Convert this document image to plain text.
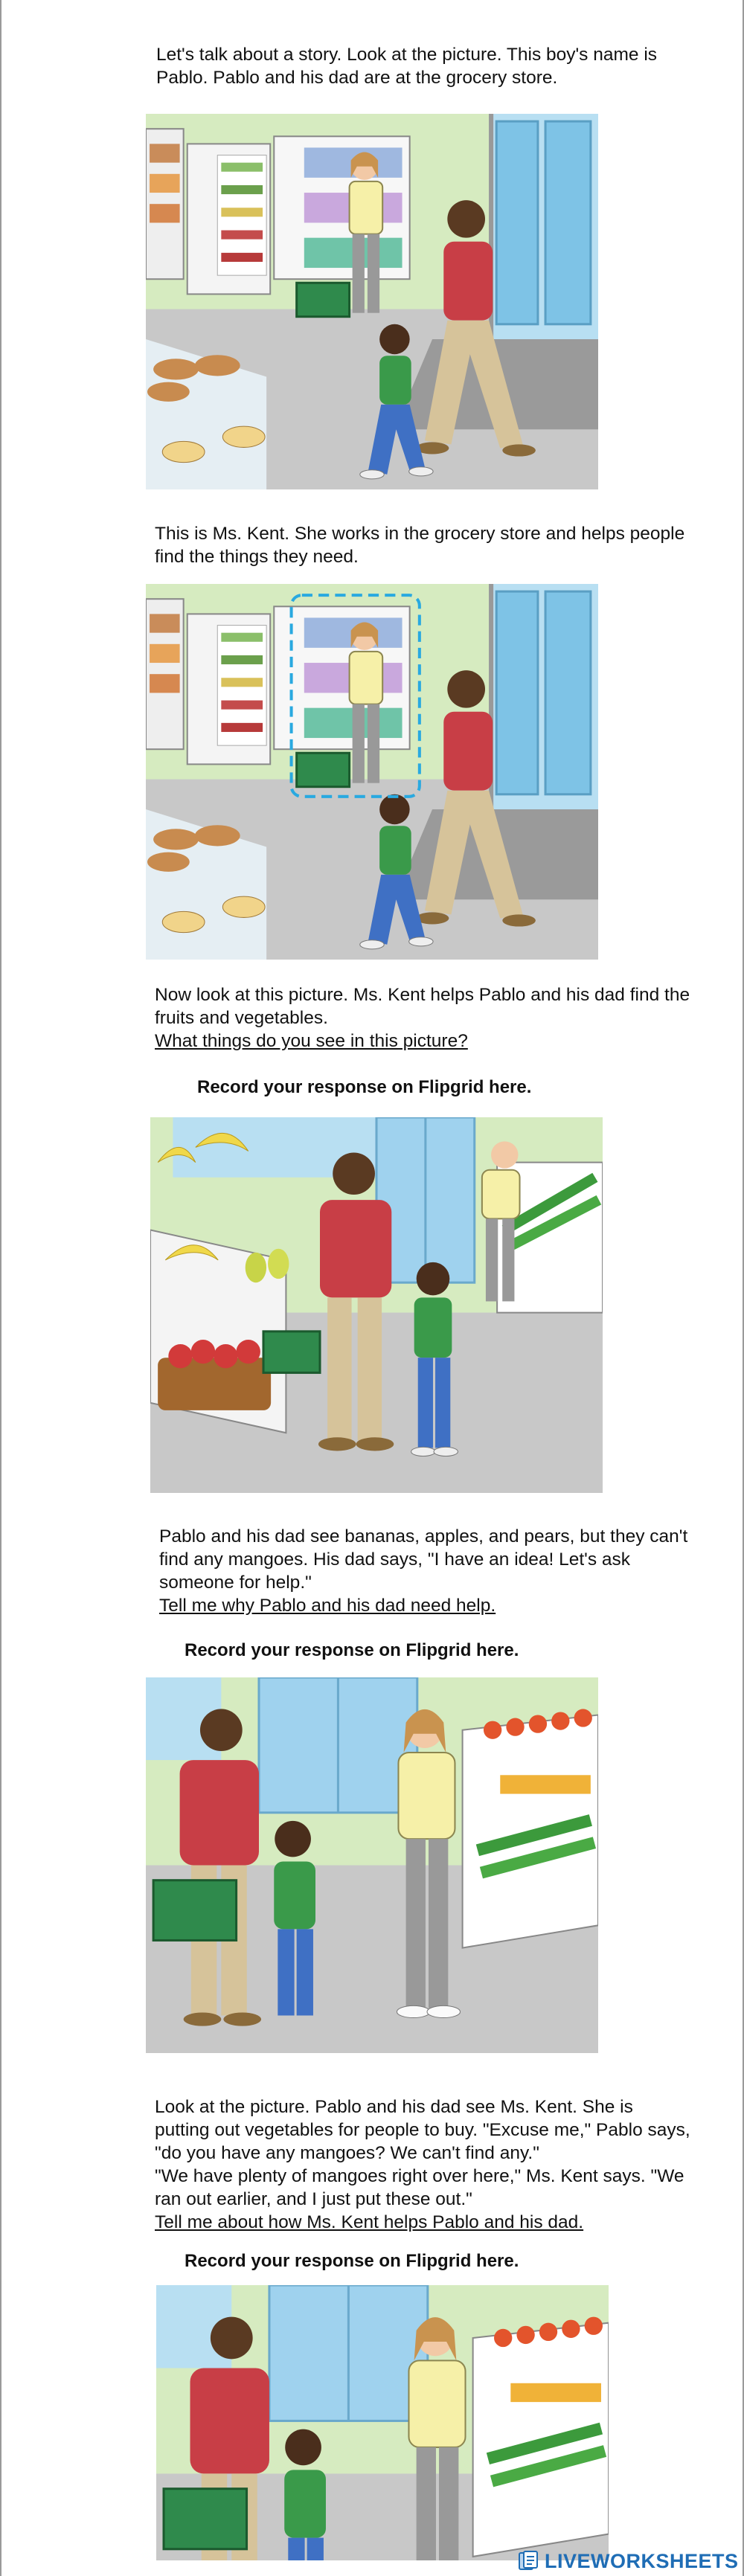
Let's talk about a story. Look at the picture. This boy's name is
Pablo. Pablo and his dad are at the grocery store.
This is Ms. Kent. She works in the grocery store and helps people
find the things they need.
Now look at this picture. Ms. Kent helps Pablo and his dad find the
fruits and vegetables.
What things do you see in this picture?
Record your response on Flipgrid here.
Pablo and his dad see bananas, apples, and pears, but they can't
find any mangoes. His dad says, "I have an idea! Let's ask
someone for help."
Tell me why Pablo and his dad need help.
Record your response on Flipgrid here.
Look at the picture. Pablo and his dad see Ms. Kent. She is
putting out vegetables for people to buy. "Excuse me," Pablo says,
"do you have any mangoes? We can't find any."
"We have plenty of mangoes right over here," Ms. Kent says. "We
ran out earlier, and I just put these out."
Tell me about how Ms. Kent helps Pablo and his dad.
Record your response on Flipgrid here.
LIVEWORKSHEETS
